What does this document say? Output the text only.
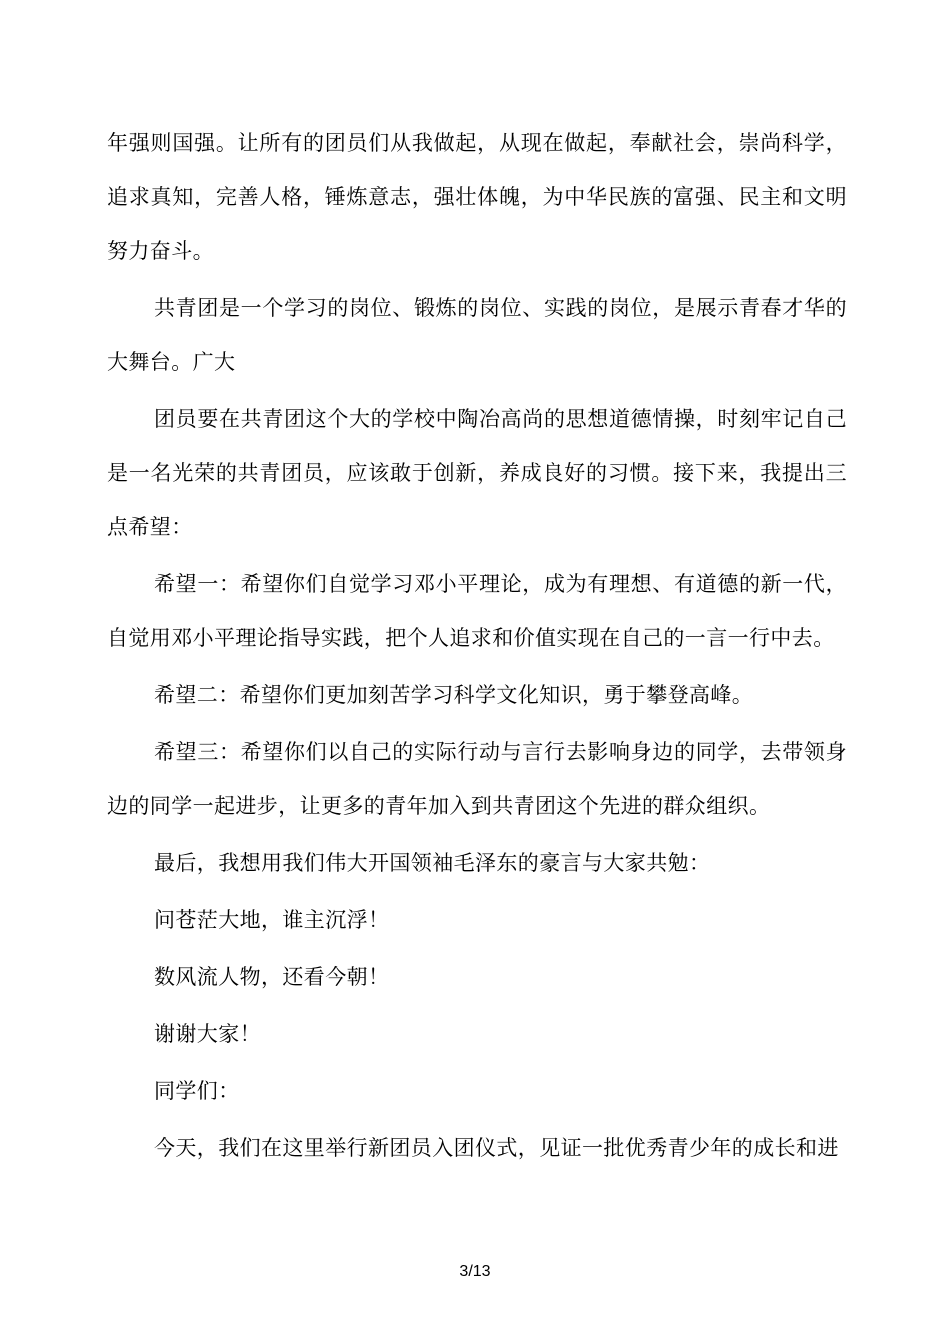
年强则国强。让所有的团员们从我做起，从现在做起，奉献社会，崇尚科学，追求真知，完善人格，锤炼意志，强壮体魄，为中华民族的富强、民主和文明努力奋斗。

共青团是一个学习的岗位、锻炼的岗位、实践的岗位，是展示青春才华的大舞台。广大

团员要在共青团这个大的学校中陶冶高尚的思想道德情操，时刻牢记自己是一名光荣的共青团员，应该敢于创新，养成良好的习惯。接下来，我提出三点希望：

希望一：希望你们自觉学习邓小平理论，成为有理想、有道德的新一代，自觉用邓小平理论指导实践，把个人追求和价值实现在自己的一言一行中去。

希望二：希望你们更加刻苦学习科学文化知识，勇于攀登高峰。

希望三：希望你们以自己的实际行动与言行去影响身边的同学，去带领身边的同学一起进步，让更多的青年加入到共青团这个先进的群众组织。

最后，我想用我们伟大开国领袖毛泽东的豪言与大家共勉：

问苍茫大地，谁主沉浮！

数风流人物，还看今朝！

谢谢大家！

同学们：

今天，我们在这里举行新团员入团仪式，见证一批优秀青少年的成长和进

3/13
